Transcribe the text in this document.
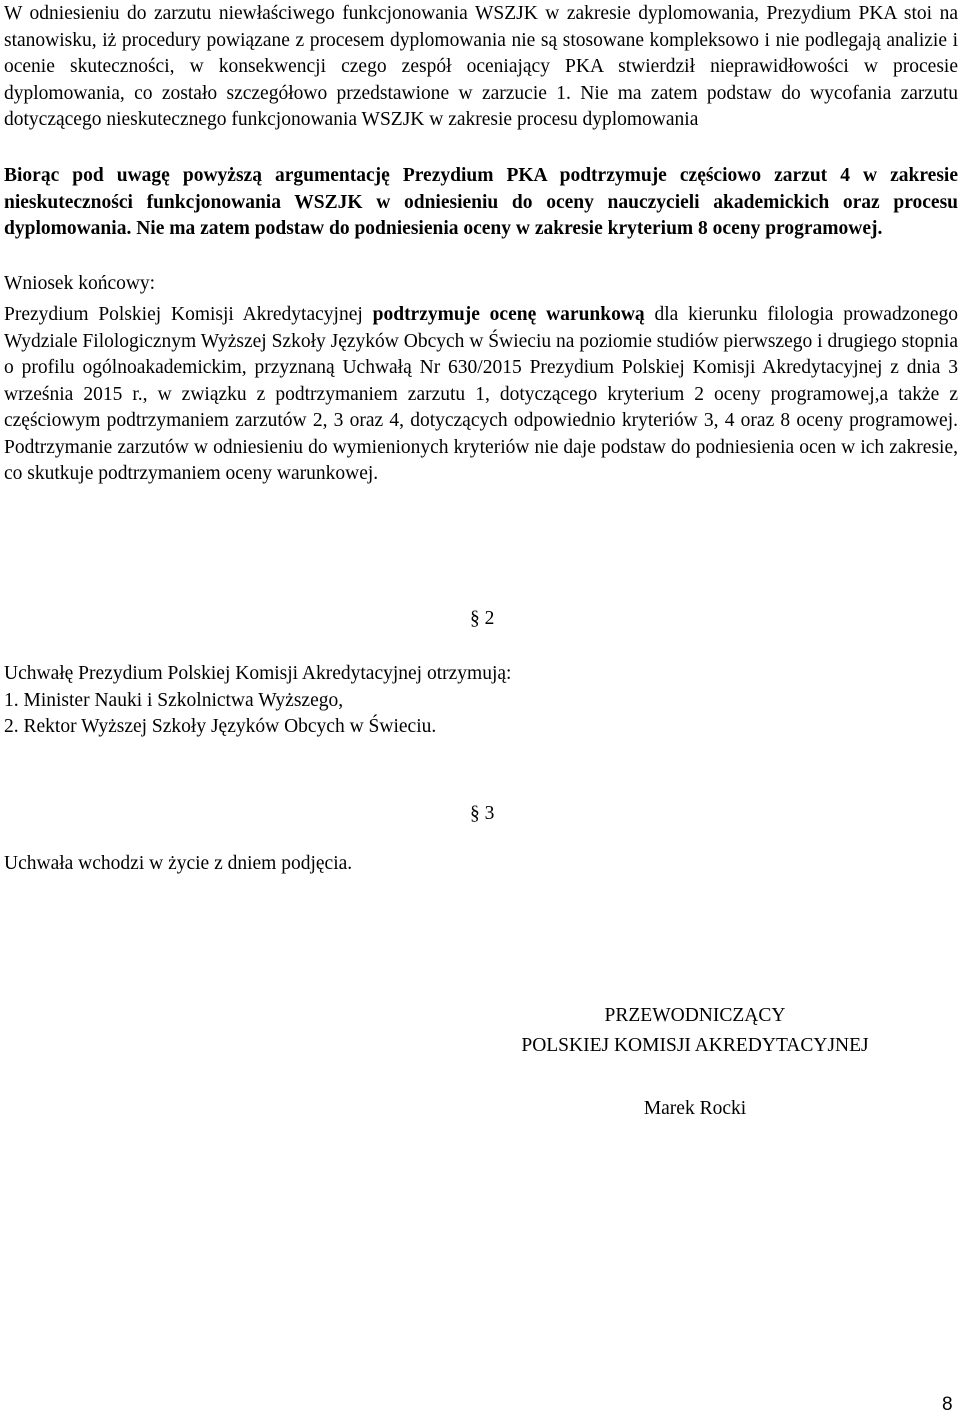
W odniesieniu do zarzutu niewłaściwego funkcjonowania WSZJK w zakresie dyplomowania, Prezydium PKA stoi na stanowisku, iż procedury powiązane z procesem dyplomowania nie są stosowane kompleksowo i nie podlegają analizie i ocenie skuteczności, w konsekwencji czego zespół oceniający PKA stwierdził nieprawidłowości w procesie dyplomowania, co zostało szczegółowo przedstawione w zarzucie 1. Nie ma zatem podstaw do wycofania zarzutu dotyczącego nieskutecznego funkcjonowania WSZJK w zakresie procesu dyplomowania

Biorąc pod uwagę powyższą argumentację Prezydium PKA podtrzymuje częściowo zarzut 4 w zakresie nieskuteczności funkcjonowania WSZJK w odniesieniu do oceny nauczycieli akademickich oraz procesu dyplomowania. Nie ma zatem podstaw do podniesienia oceny w zakresie kryterium 8 oceny programowej.

Wniosek końcowy:

Prezydium Polskiej Komisji Akredytacyjnej podtrzymuje ocenę warunkową dla kierunku filologia prowadzonego Wydziale Filologicznym Wyższej Szkoły Języków Obcych w Świeciu na poziomie studiów pierwszego i drugiego stopnia o profilu ogólnoakademickim, przyznaną Uchwałą Nr 630/2015 Prezydium Polskiej Komisji Akredytacyjnej z dnia 3 września 2015 r., w związku z podtrzymaniem zarzutu 1, dotyczącego kryterium 2 oceny programowej,a także z częściowym podtrzymaniem zarzutów 2, 3 oraz 4, dotyczących odpowiednio kryteriów 3, 4 oraz 8 oceny programowej. Podtrzymanie zarzutów w odniesieniu do wymienionych kryteriów nie daje podstaw do podniesienia ocen w ich zakresie, co skutkuje podtrzymaniem oceny warunkowej.

§ 2
Uchwałę Prezydium Polskiej Komisji Akredytacyjnej otrzymują:
1. Minister Nauki i Szkolnictwa Wyższego,
2. Rektor Wyższej Szkoły Języków Obcych w Świeciu.
§ 3
Uchwała wchodzi w życie z dniem podjęcia.
PRZEWODNICZĄCY
POLSKIEJ KOMISJI AKREDYTACYJNEJ
Marek Rocki
8
